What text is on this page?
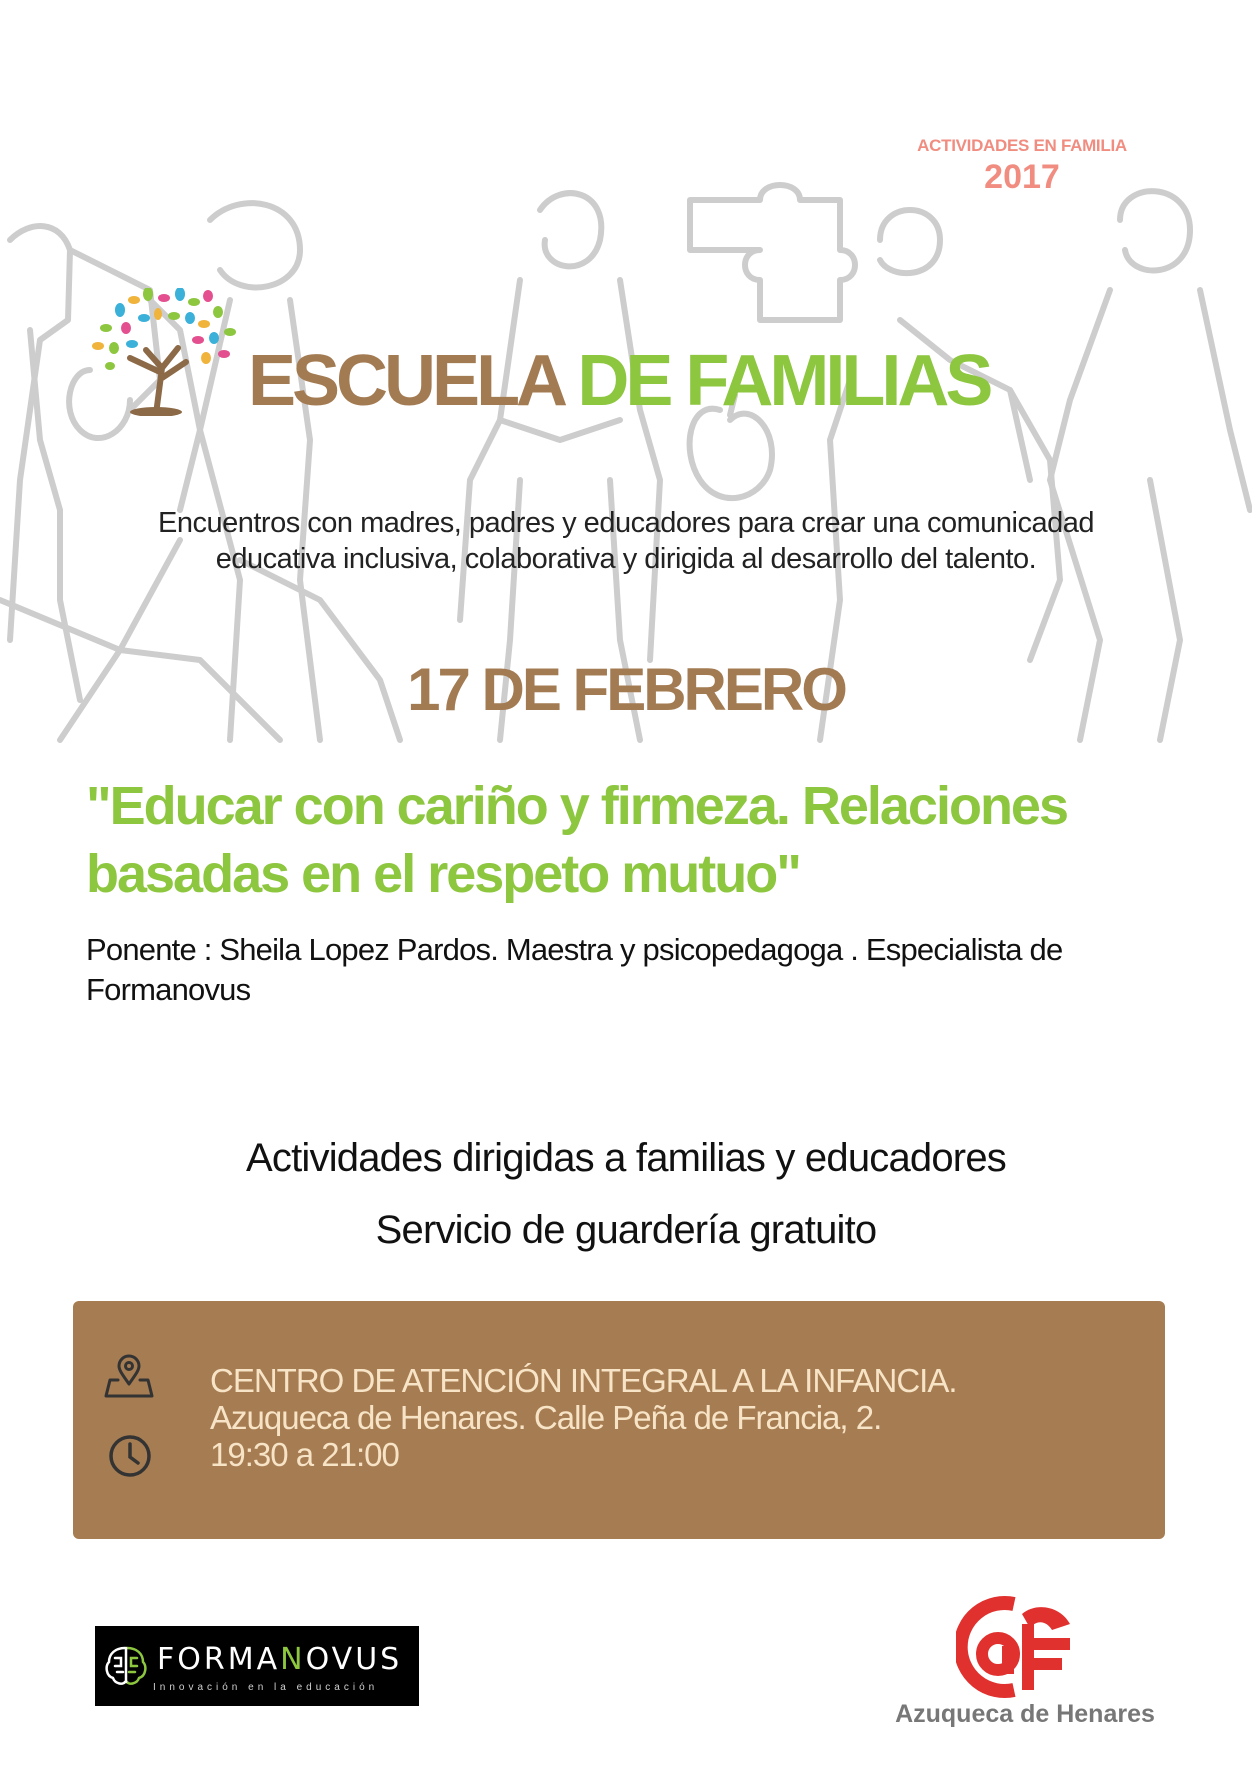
ACTIVIDADES EN FAMILIA
2017
ESCUELA DE FAMILIAS
Encuentros con madres, padres y educadores para crear una comunicadad
educativa inclusiva, colaborativa y dirigida al desarrollo del talento.
17 DE FEBRERO
"Educar con cariño y firmeza. Relaciones
basadas en el respeto mutuo"
Ponente : Sheila Lopez Pardos. Maestra y psicopedagoga . Especialista de
Formanovus
Actividades dirigidas a familias y educadores
Servicio de guardería gratuito
CENTRO DE ATENCIÓN INTEGRAL A LA INFANCIA.
Azuqueca de Henares. Calle Peña de Francia, 2.
19:30 a 21:00
FORMANOVUS
Innovación en la educación
Azuqueca de Henares
